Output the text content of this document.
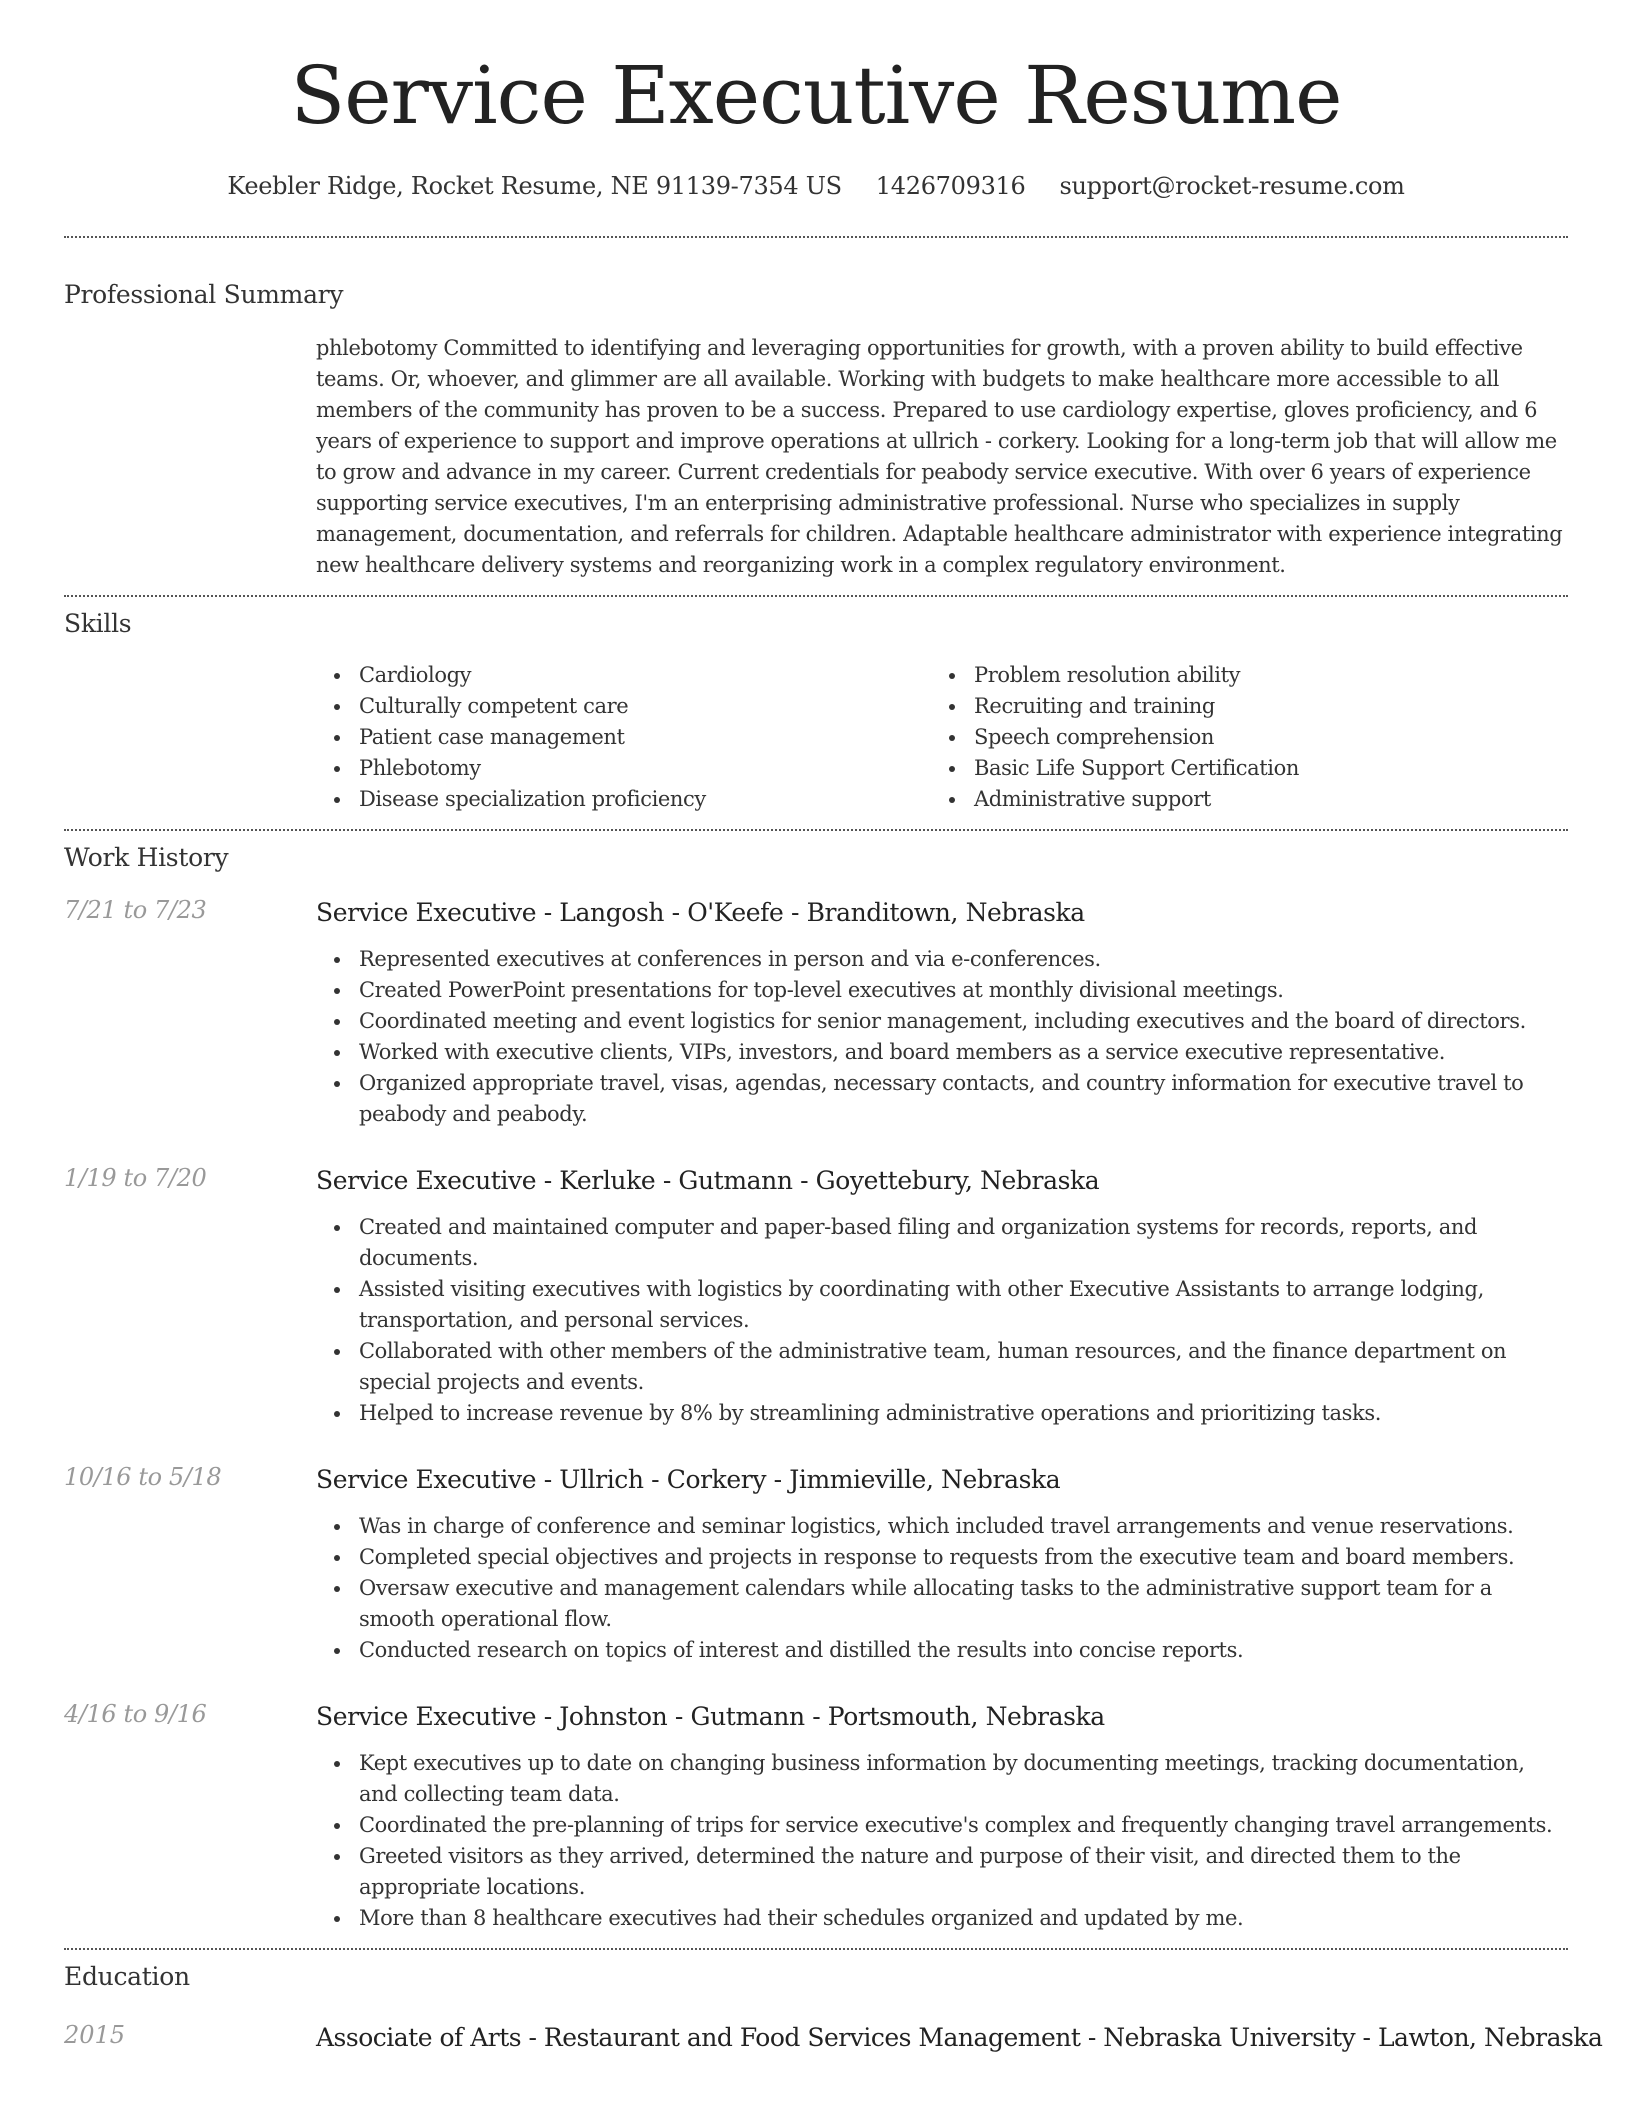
Service Executive Resume
Keebler Ridge, Rocket Resume, NE 91139-7354 US 1426709316 support@rocket-resume.com
Professional Summary

phlebotomy Committed to identifying and leveraging opportunities for growth, with a proven ability to build effective teams. Or, whoever, and glimmer are all available. Working with budgets to make healthcare more accessible to all members of the community has proven to be a success. Prepared to use cardiology expertise, gloves proficiency, and 6 years of experience to support and improve operations at ullrich - corkery. Looking for a long-term job that will allow me to grow and advance in my career. Current credentials for peabody service executive. With over 6 years of experience supporting service executives, I'm an enterprising administrative professional. Nurse who specializes in supply management, documentation, and referrals for children. Adaptable healthcare administrator with experience integrating new healthcare delivery systems and reorganizing work in a complex regulatory environment.

Skills
Cardiology
Culturally competent care
Patient case management
Phlebotomy
Disease specialization proficiency
Problem resolution ability
Recruiting and training
Speech comprehension
Basic Life Support Certification
Administrative support
Work History
7/21 to 7/23	Service Executive - Langosh - O'Keefe - Branditown, Nebraska
Represented executives at conferences in person and via e-conferences.
Created PowerPoint presentations for top-level executives at monthly divisional meetings.
Coordinated meeting and event logistics for senior management, including executives and the board of directors.
Worked with executive clients, VIPs, investors, and board members as a service executive representative.
Organized appropriate travel, visas, agendas, necessary contacts, and country information for executive travel to peabody and peabody.
1/19 to 7/20	Service Executive - Kerluke - Gutmann - Goyettebury, Nebraska
Created and maintained computer and paper-based filing and organization systems for records, reports, and documents.
Assisted visiting executives with logistics by coordinating with other Executive Assistants to arrange lodging, transportation, and personal services.
Collaborated with other members of the administrative team, human resources, and the finance department on special projects and events.
Helped to increase revenue by 8% by streamlining administrative operations and prioritizing tasks.
10/16 to 5/18	Service Executive - Ullrich - Corkery - Jimmieville, Nebraska
Was in charge of conference and seminar logistics, which included travel arrangements and venue reservations.
Completed special objectives and projects in response to requests from the executive team and board members.
Oversaw executive and management calendars while allocating tasks to the administrative support team for a smooth operational flow.
Conducted research on topics of interest and distilled the results into concise reports.
4/16 to 9/16	Service Executive - Johnston - Gutmann - Portsmouth, Nebraska
Kept executives up to date on changing business information by documenting meetings, tracking documentation, and collecting team data.
Coordinated the pre-planning of trips for service executive's complex and frequently changing travel arrangements.
Greeted visitors as they arrived, determined the nature and purpose of their visit, and directed them to the appropriate locations.
More than 8 healthcare executives had their schedules organized and updated by me.
Education
2015	Associate of Arts - Restaurant and Food Services Management - Nebraska University - Lawton, Nebraska
